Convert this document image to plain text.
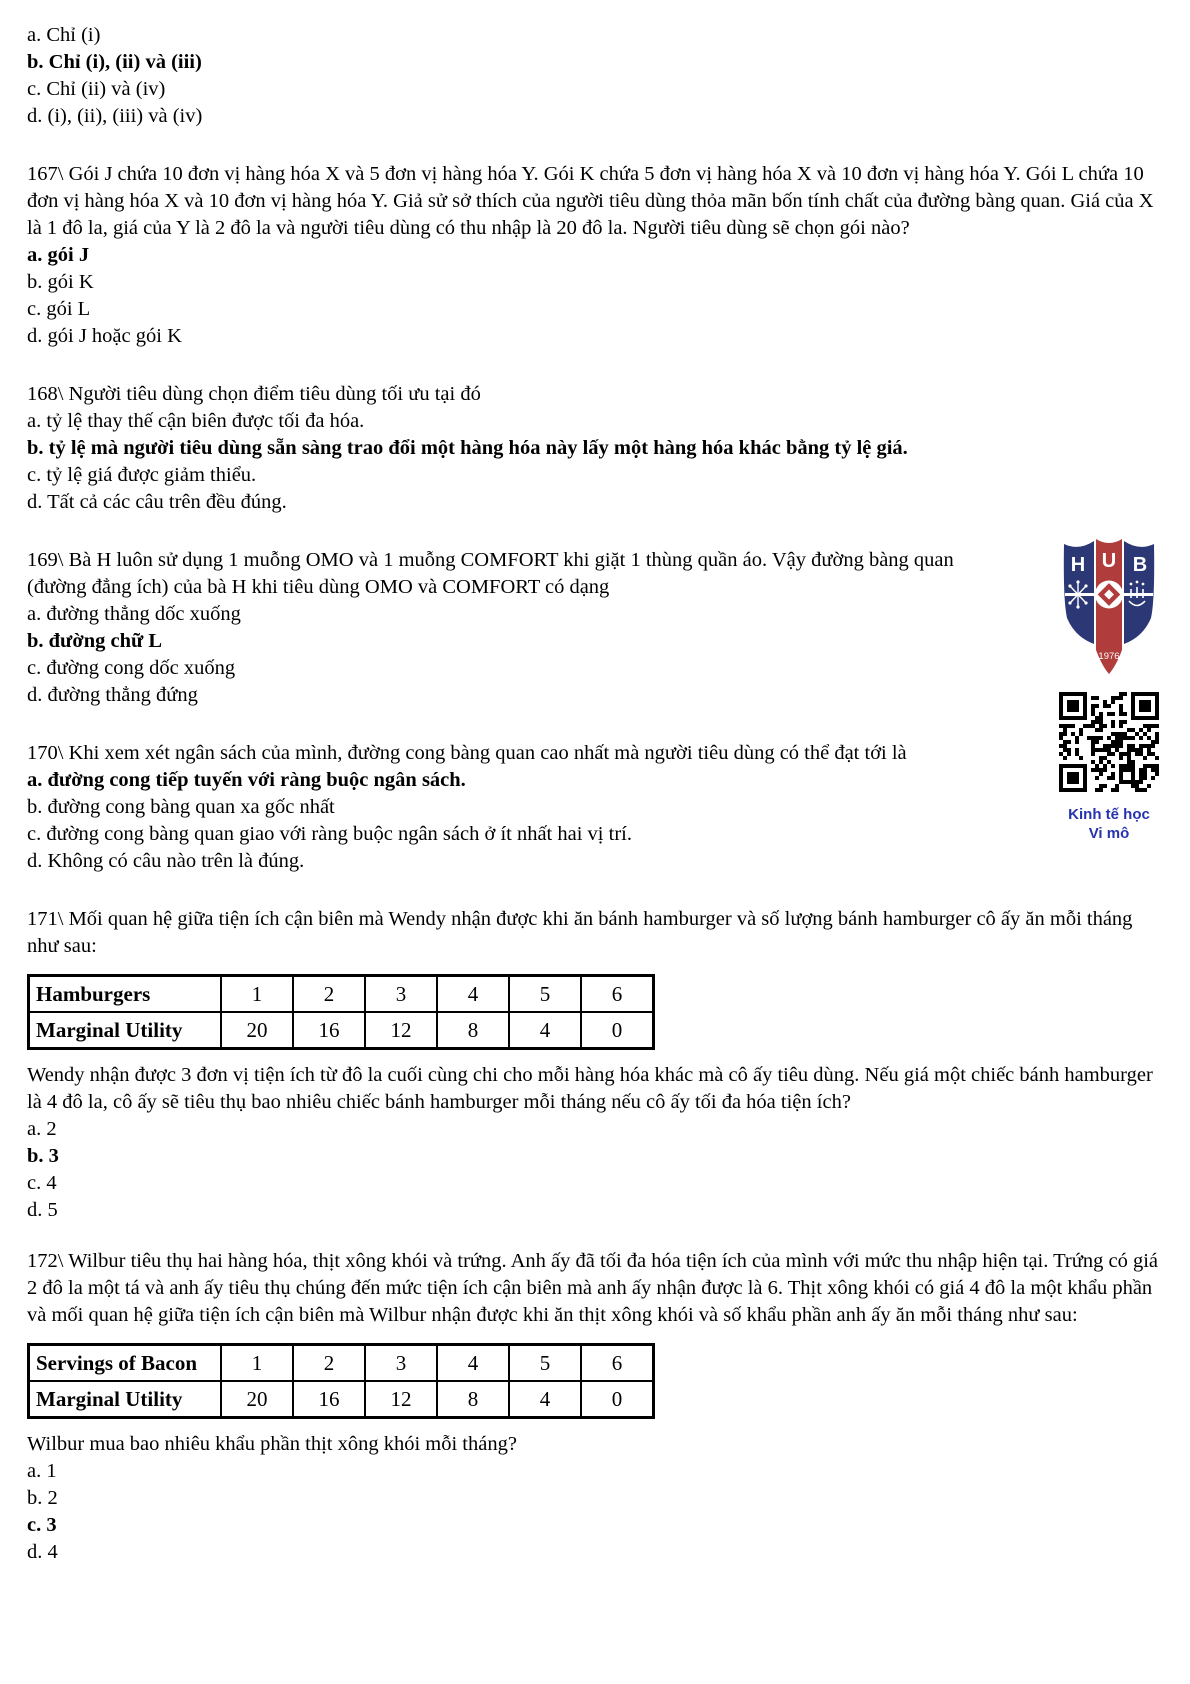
H U B
1976

Kinh tế học
Vi mô
a. Chỉ (i)
b. Chỉ (i), (ii) và (iii)
c. Chỉ (ii) và (iv)
d. (i), (ii), (iii) và (iv)
167\ Gói J chứa 10 đơn vị hàng hóa X và 5 đơn vị hàng hóa Y. Gói K chứa 5 đơn vị hàng hóa X và 10 đơn vị hàng hóa Y. Gói L chứa 10 đơn vị hàng hóa X và 10 đơn vị hàng hóa Y. Giả sử sở thích của người tiêu dùng thỏa mãn bốn tính chất của đường bàng quan. Giá của X là 1 đô la, giá của Y là 2 đô la và người tiêu dùng có thu nhập là 20 đô la. Người tiêu dùng sẽ chọn gói nào?
a. gói J
b. gói K
c. gói L
d. gói J hoặc gói K
168\ Người tiêu dùng chọn điểm tiêu dùng tối ưu tại đó
a. tỷ lệ thay thế cận biên được tối đa hóa.
b. tỷ lệ mà người tiêu dùng sẵn sàng trao đổi một hàng hóa này lấy một hàng hóa khác bằng tỷ lệ giá.
c. tỷ lệ giá được giảm thiểu.
d. Tất cả các câu trên đều đúng.
169\ Bà H luôn sử dụng 1 muỗng OMO và 1 muỗng COMFORT khi giặt 1 thùng quần áo. Vậy đường bàng quan (đường đẳng ích) của bà H khi tiêu dùng OMO và COMFORT có dạng
a. đường thẳng dốc xuống
b. đường chữ L
c. đường cong dốc xuống
d. đường thẳng đứng
170\ Khi xem xét ngân sách của mình, đường cong bàng quan cao nhất mà người tiêu dùng có thể đạt tới là
a. đường cong tiếp tuyến với ràng buộc ngân sách.
b. đường cong bàng quan xa gốc nhất
c. đường cong bàng quan giao với ràng buộc ngân sách ở ít nhất hai vị trí.
d. Không có câu nào trên là đúng.
171\ Mối quan hệ giữa tiện ích cận biên mà Wendy nhận được khi ăn bánh hamburger và số lượng bánh hamburger cô ấy ăn mỗi tháng như sau:
Hamburgers	1	2	3	4	5	6
Marginal Utility	20	16	12	8	4	0
Wendy nhận được 3 đơn vị tiện ích từ đô la cuối cùng chi cho mỗi hàng hóa khác mà cô ấy tiêu dùng. Nếu giá một chiếc bánh hamburger là 4 đô la, cô ấy sẽ tiêu thụ bao nhiêu chiếc bánh hamburger mỗi tháng nếu cô ấy tối đa hóa tiện ích?
a. 2
b. 3
c. 4
d. 5
172\ Wilbur tiêu thụ hai hàng hóa, thịt xông khói và trứng. Anh ấy đã tối đa hóa tiện ích của mình với mức thu nhập hiện tại. Trứng có giá 2 đô la một tá và anh ấy tiêu thụ chúng đến mức tiện ích cận biên mà anh ấy nhận được là 6. Thịt xông khói có giá 4 đô la một khẩu phần và mối quan hệ giữa tiện ích cận biên mà Wilbur nhận được khi ăn thịt xông khói và số khẩu phần anh ấy ăn mỗi tháng như sau:
Servings of Bacon	1	2	3	4	5	6
Marginal Utility	20	16	12	8	4	0
Wilbur mua bao nhiêu khẩu phần thịt xông khói mỗi tháng?
a. 1
b. 2
c. 3
d. 4
